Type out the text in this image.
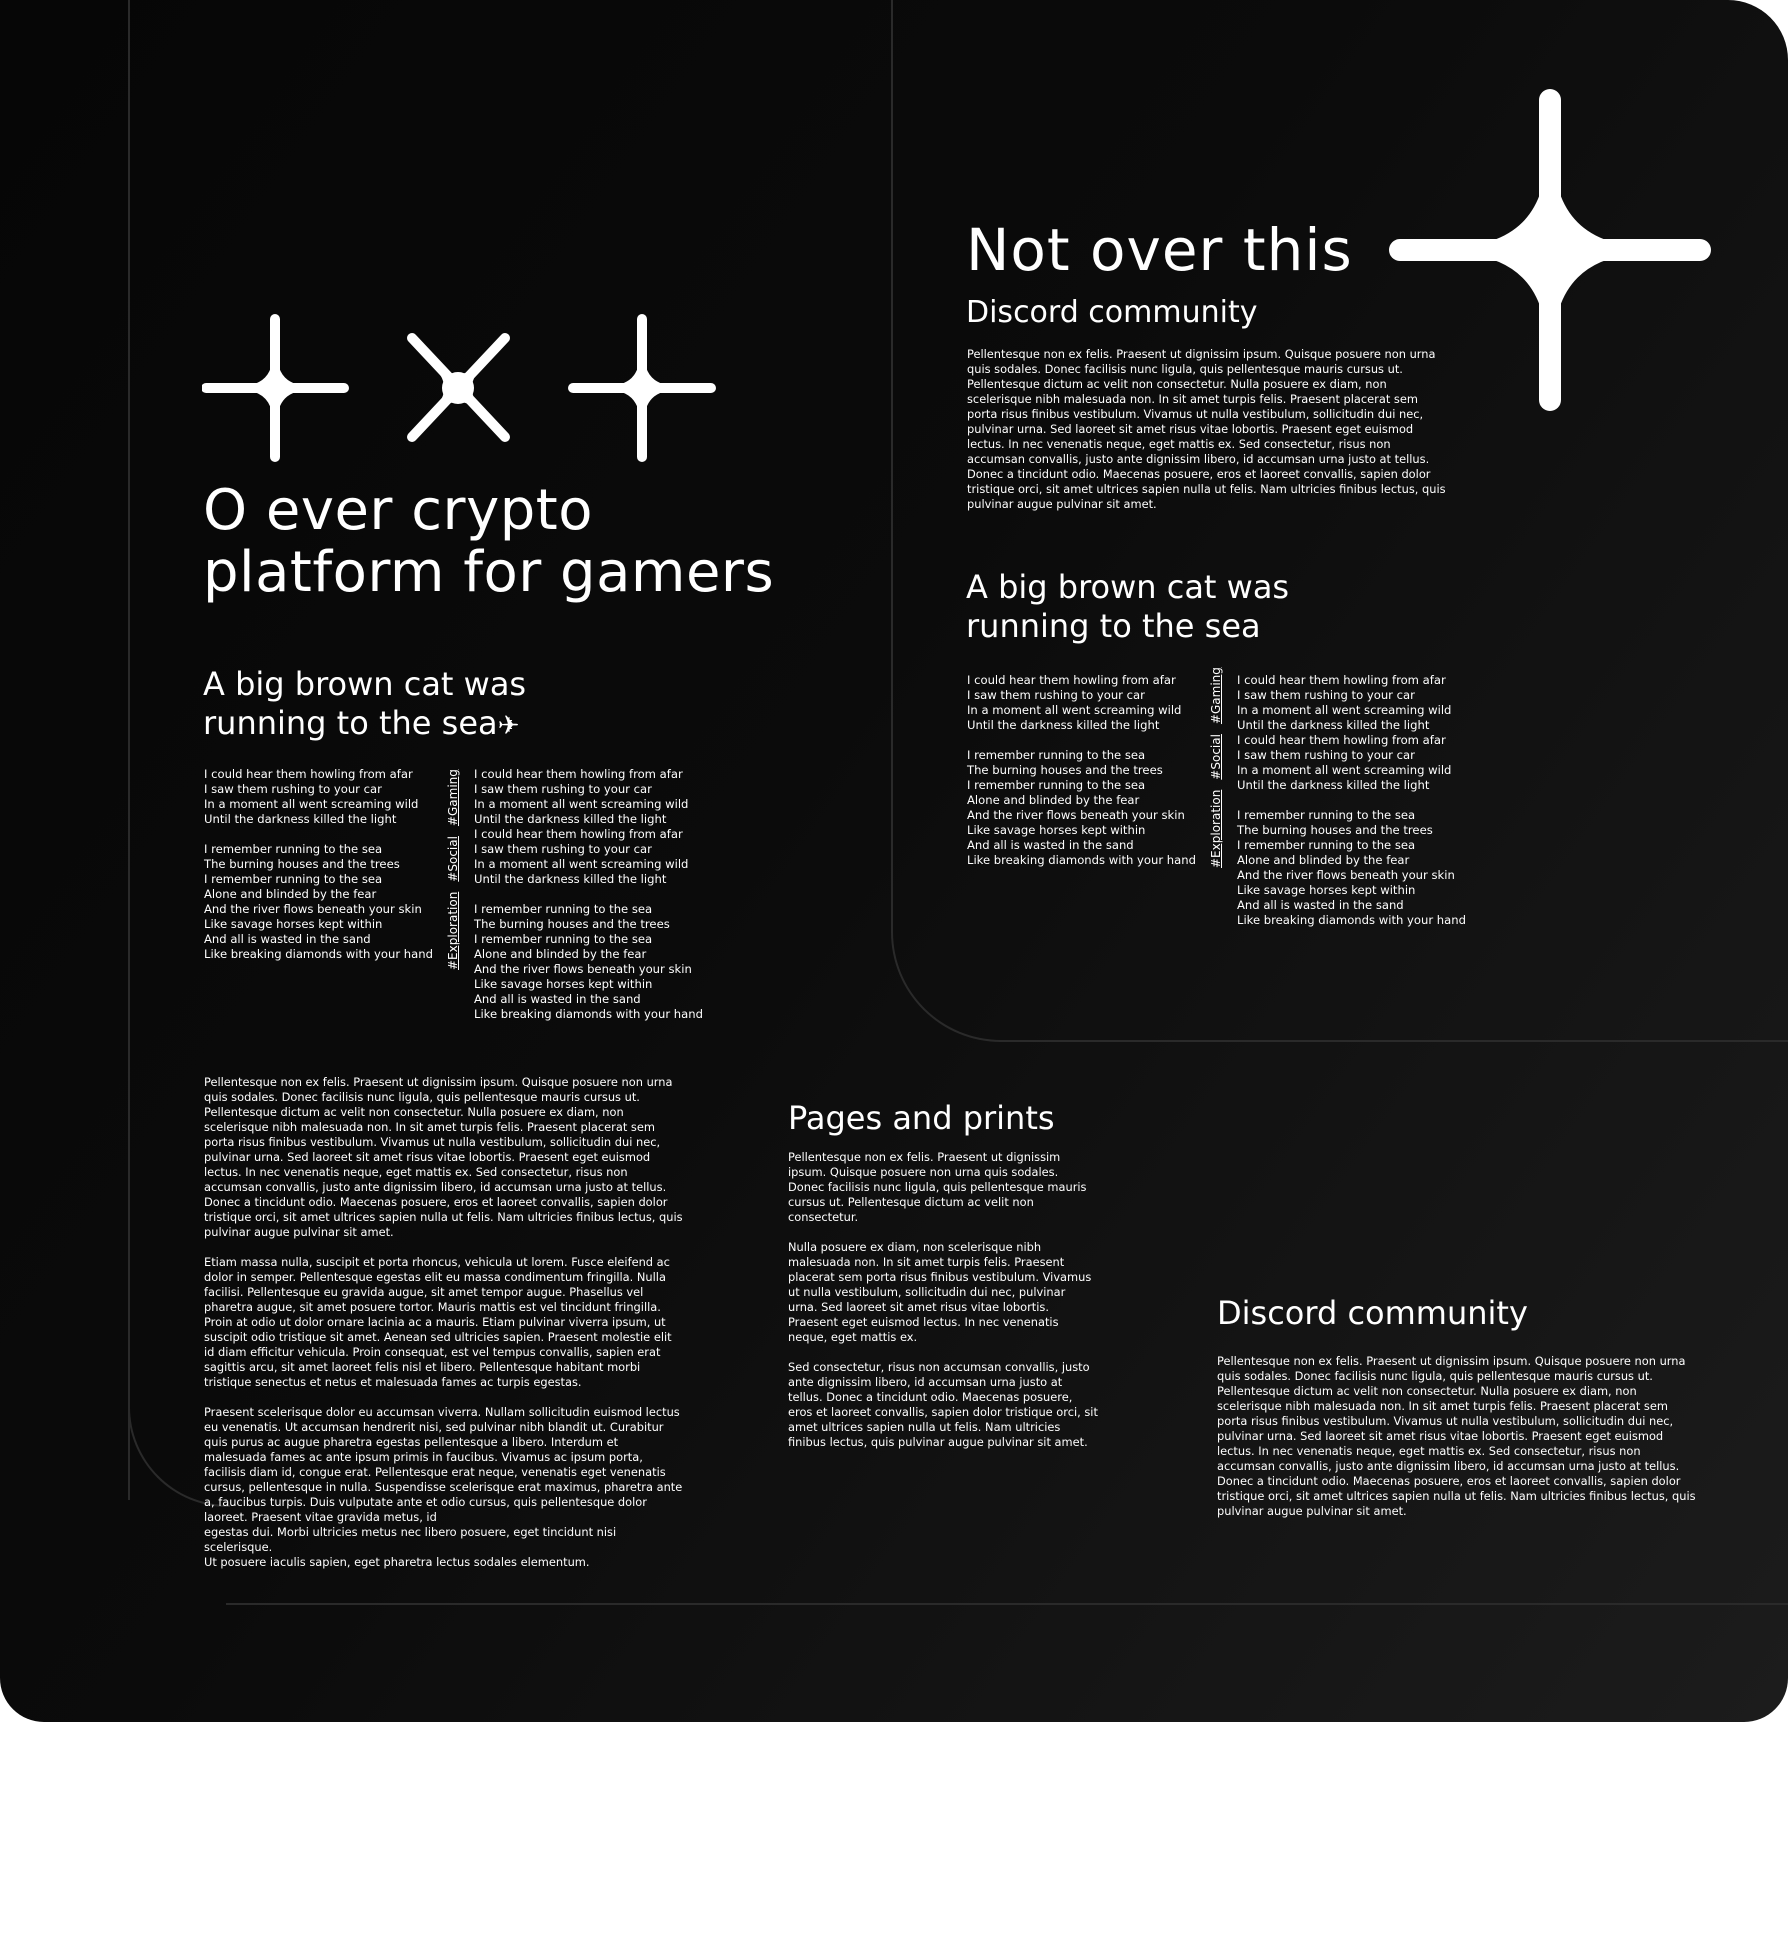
O ever crypto
platform for gamers
A big brown cat was
running to the sea✈
I could hear them howling from afar
I saw them rushing to your car
In a moment all went screaming wild
Until the darkness killed the light

I remember running to the sea
The burning houses and the trees
I remember running to the sea
Alone and blinded by the fear
And the river flows beneath your skin
Like savage horses kept within
And all is wasted in the sand
Like breaking diamonds with your hand
#Gaming
#Social
#Exploration
I could hear them howling from afar
I saw them rushing to your car
In a moment all went screaming wild
Until the darkness killed the light
I could hear them howling from afar
I saw them rushing to your car
In a moment all went screaming wild
Until the darkness killed the light

I remember running to the sea
The burning houses and the trees
I remember running to the sea
Alone and blinded by the fear
And the river flows beneath your skin
Like savage horses kept within
And all is wasted in the sand
Like breaking diamonds with your hand

Pellentesque non ex felis. Praesent ut dignissim ipsum. Quisque posuere non urna quis sodales. Donec facilisis nunc ligula, quis pellentesque mauris cursus ut. Pellentesque dictum ac velit non consectetur. Nulla posuere ex diam, non scelerisque nibh malesuada non. In sit amet turpis felis. Praesent placerat sem porta risus finibus vestibulum. Vivamus ut nulla vestibulum, sollicitudin dui nec, pulvinar urna. Sed laoreet sit amet risus vitae lobortis. Praesent eget euismod lectus. In nec venenatis neque, eget mattis ex. Sed consectetur, risus non accumsan convallis, justo ante dignissim libero, id accumsan urna justo at tellus. Donec a tincidunt odio. Maecenas posuere, eros et laoreet convallis, sapien dolor tristique orci, sit amet ultrices sapien nulla ut felis. Nam ultricies finibus lectus, quis pulvinar augue pulvinar sit amet.

Etiam massa nulla, suscipit et porta rhoncus, vehicula ut lorem. Fusce eleifend ac dolor in semper. Pellentesque egestas elit eu massa condimentum fringilla. Nulla facilisi. Pellentesque eu gravida augue, sit amet tempor augue. Phasellus vel pharetra augue, sit amet posuere tortor. Mauris mattis est vel tincidunt fringilla. Proin at odio ut dolor ornare lacinia ac a mauris. Etiam pulvinar viverra ipsum, ut suscipit odio tristique sit amet. Aenean sed ultricies sapien. Praesent molestie elit id diam efficitur vehicula. Proin consequat, est vel tempus convallis, sapien erat sagittis arcu, sit amet laoreet felis nisl et libero. Pellentesque habitant morbi tristique senectus et netus et malesuada fames ac turpis egestas.

Praesent scelerisque dolor eu accumsan viverra. Nullam sollicitudin euismod lectus eu venenatis. Ut accumsan hendrerit nisi, sed pulvinar nibh blandit ut. Curabitur quis purus ac augue pharetra egestas pellentesque a libero. Interdum et malesuada fames ac ante ipsum primis in faucibus. Vivamus ac ipsum porta, facilisis diam id, congue erat. Pellentesque erat neque, venenatis eget venenatis cursus, pellentesque in nulla. Suspendisse scelerisque erat maximus, pharetra ante a, faucibus turpis. Duis vulputate ante et odio cursus, quis pellentesque dolor laoreet. Praesent vitae gravida metus, id
egestas dui. Morbi ultricies metus nec libero posuere, eget tincidunt nisi scelerisque.
Ut posuere iaculis sapien, eget pharetra lectus sodales elementum.

Not over this
Discord community
Pellentesque non ex felis. Praesent ut dignissim ipsum. Quisque posuere non urna quis sodales. Donec facilisis nunc ligula, quis pellentesque mauris cursus ut. Pellentesque dictum ac velit non consectetur. Nulla posuere ex diam, non scelerisque nibh malesuada non. In sit amet turpis felis. Praesent placerat sem porta risus finibus vestibulum. Vivamus ut nulla vestibulum, sollicitudin dui nec, pulvinar urna. Sed laoreet sit amet risus vitae lobortis. Praesent eget euismod lectus. In nec venenatis neque, eget mattis ex. Sed consectetur, risus non accumsan convallis, justo ante dignissim libero, id accumsan urna justo at tellus. Donec a tincidunt odio. Maecenas posuere, eros et laoreet convallis, sapien dolor tristique orci, sit amet ultrices sapien nulla ut felis. Nam ultricies finibus lectus, quis pulvinar augue pulvinar sit amet.
A big brown cat was
running to the sea
I could hear them howling from afar
I saw them rushing to your car
In a moment all went screaming wild
Until the darkness killed the light

I remember running to the sea
The burning houses and the trees
I remember running to the sea
Alone and blinded by the fear
And the river flows beneath your skin
Like savage horses kept within
And all is wasted in the sand
Like breaking diamonds with your hand
#Gaming
#Social
#Exploration
I could hear them howling from afar
I saw them rushing to your car
In a moment all went screaming wild
Until the darkness killed the light
I could hear them howling from afar
I saw them rushing to your car
In a moment all went screaming wild
Until the darkness killed the light

I remember running to the sea
The burning houses and the trees
I remember running to the sea
Alone and blinded by the fear
And the river flows beneath your skin
Like savage horses kept within
And all is wasted in the sand
Like breaking diamonds with your hand
Pages and prints

Pellentesque non ex felis. Praesent ut dignissim ipsum. Quisque posuere non urna quis sodales. Donec facilisis nunc ligula, quis pellentesque mauris cursus ut. Pellentesque dictum ac velit non consectetur.

Nulla posuere ex diam, non scelerisque nibh malesuada non. In sit amet turpis felis. Praesent placerat sem porta risus finibus vestibulum. Vivamus ut nulla vestibulum, sollicitudin dui nec, pulvinar urna. Sed laoreet sit amet risus vitae lobortis. Praesent eget euismod lectus. In nec venenatis neque, eget mattis ex.

Sed consectetur, risus non accumsan convallis, justo ante dignissim libero, id accumsan urna justo at tellus. Donec a tincidunt odio. Maecenas posuere, eros et laoreet convallis, sapien dolor tristique orci, sit amet ultrices sapien nulla ut felis. Nam ultricies finibus lectus, quis pulvinar augue pulvinar sit amet.

Discord community
Pellentesque non ex felis. Praesent ut dignissim ipsum. Quisque posuere non urna quis sodales. Donec facilisis nunc ligula, quis pellentesque mauris cursus ut. Pellentesque dictum ac velit non consectetur. Nulla posuere ex diam, non scelerisque nibh malesuada non. In sit amet turpis felis. Praesent placerat sem porta risus finibus vestibulum. Vivamus ut nulla vestibulum, sollicitudin dui nec, pulvinar urna. Sed laoreet sit amet risus vitae lobortis. Praesent eget euismod lectus. In nec venenatis neque, eget mattis ex. Sed consectetur, risus non accumsan convallis, justo ante dignissim libero, id accumsan urna justo at tellus. Donec a tincidunt odio. Maecenas posuere, eros et laoreet convallis, sapien dolor tristique orci, sit amet ultrices sapien nulla ut felis. Nam ultricies finibus lectus, quis pulvinar augue pulvinar sit amet.
